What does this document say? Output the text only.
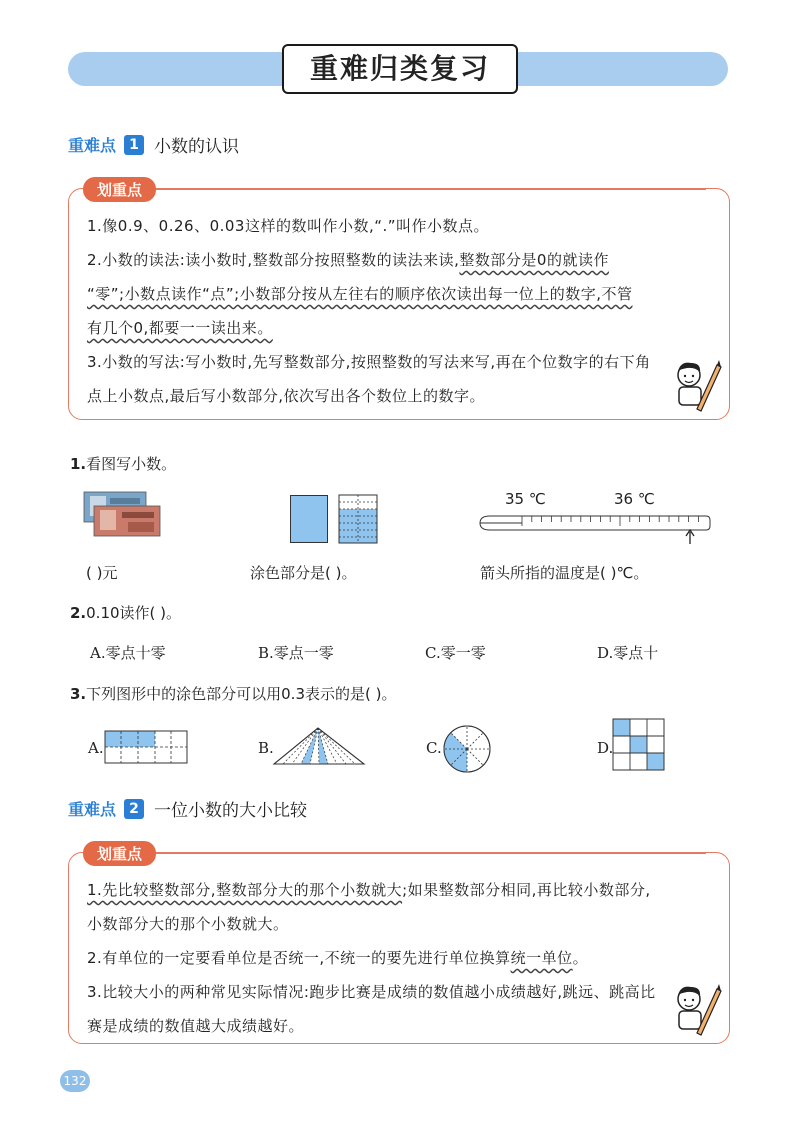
重难归类复习
重难点 1 小数的认识
划重点

1.像0.9、0.26、0.03这样的数叫作小数,“.”叫作小数点。

2.小数的读法:读小数时,整数部分按照整数的读法来读,整数部分是0的就读作

“零”;小数点读作“点”;小数部分按从左往右的顺序依次读出每一位上的数字,不管

有几个0,都要一一读出来。

3.小数的写法:写小数时,先写整数部分,按照整数的写法来写,再在个位数字的右下角

点上小数点,最后写小数部分,依次写出各个数位上的数字。

1.看图写小数。
35 ℃	36 ℃
( )元	涂色部分是( )。	箭头所指的温度是( )℃。
2.0.10读作( )。
A.零点十零	B.零点一零	C.零一零	D.零点十
3.下列图形中的涂色部分可以用0.3表示的是( )。
A.	B.	C.	D.
重难点 2 一位小数的大小比较
划重点

1.先比较整数部分,整数部分大的那个小数就大;如果整数部分相同,再比较小数部分,

小数部分大的那个小数就大。

2.有单位的一定要看单位是否统一,不统一的要先进行单位换算统一单位。

3.比较大小的两种常见实际情况:跑步比赛是成绩的数值越小成绩越好,跳远、跳高比

赛是成绩的数值越大成绩越好。

132
